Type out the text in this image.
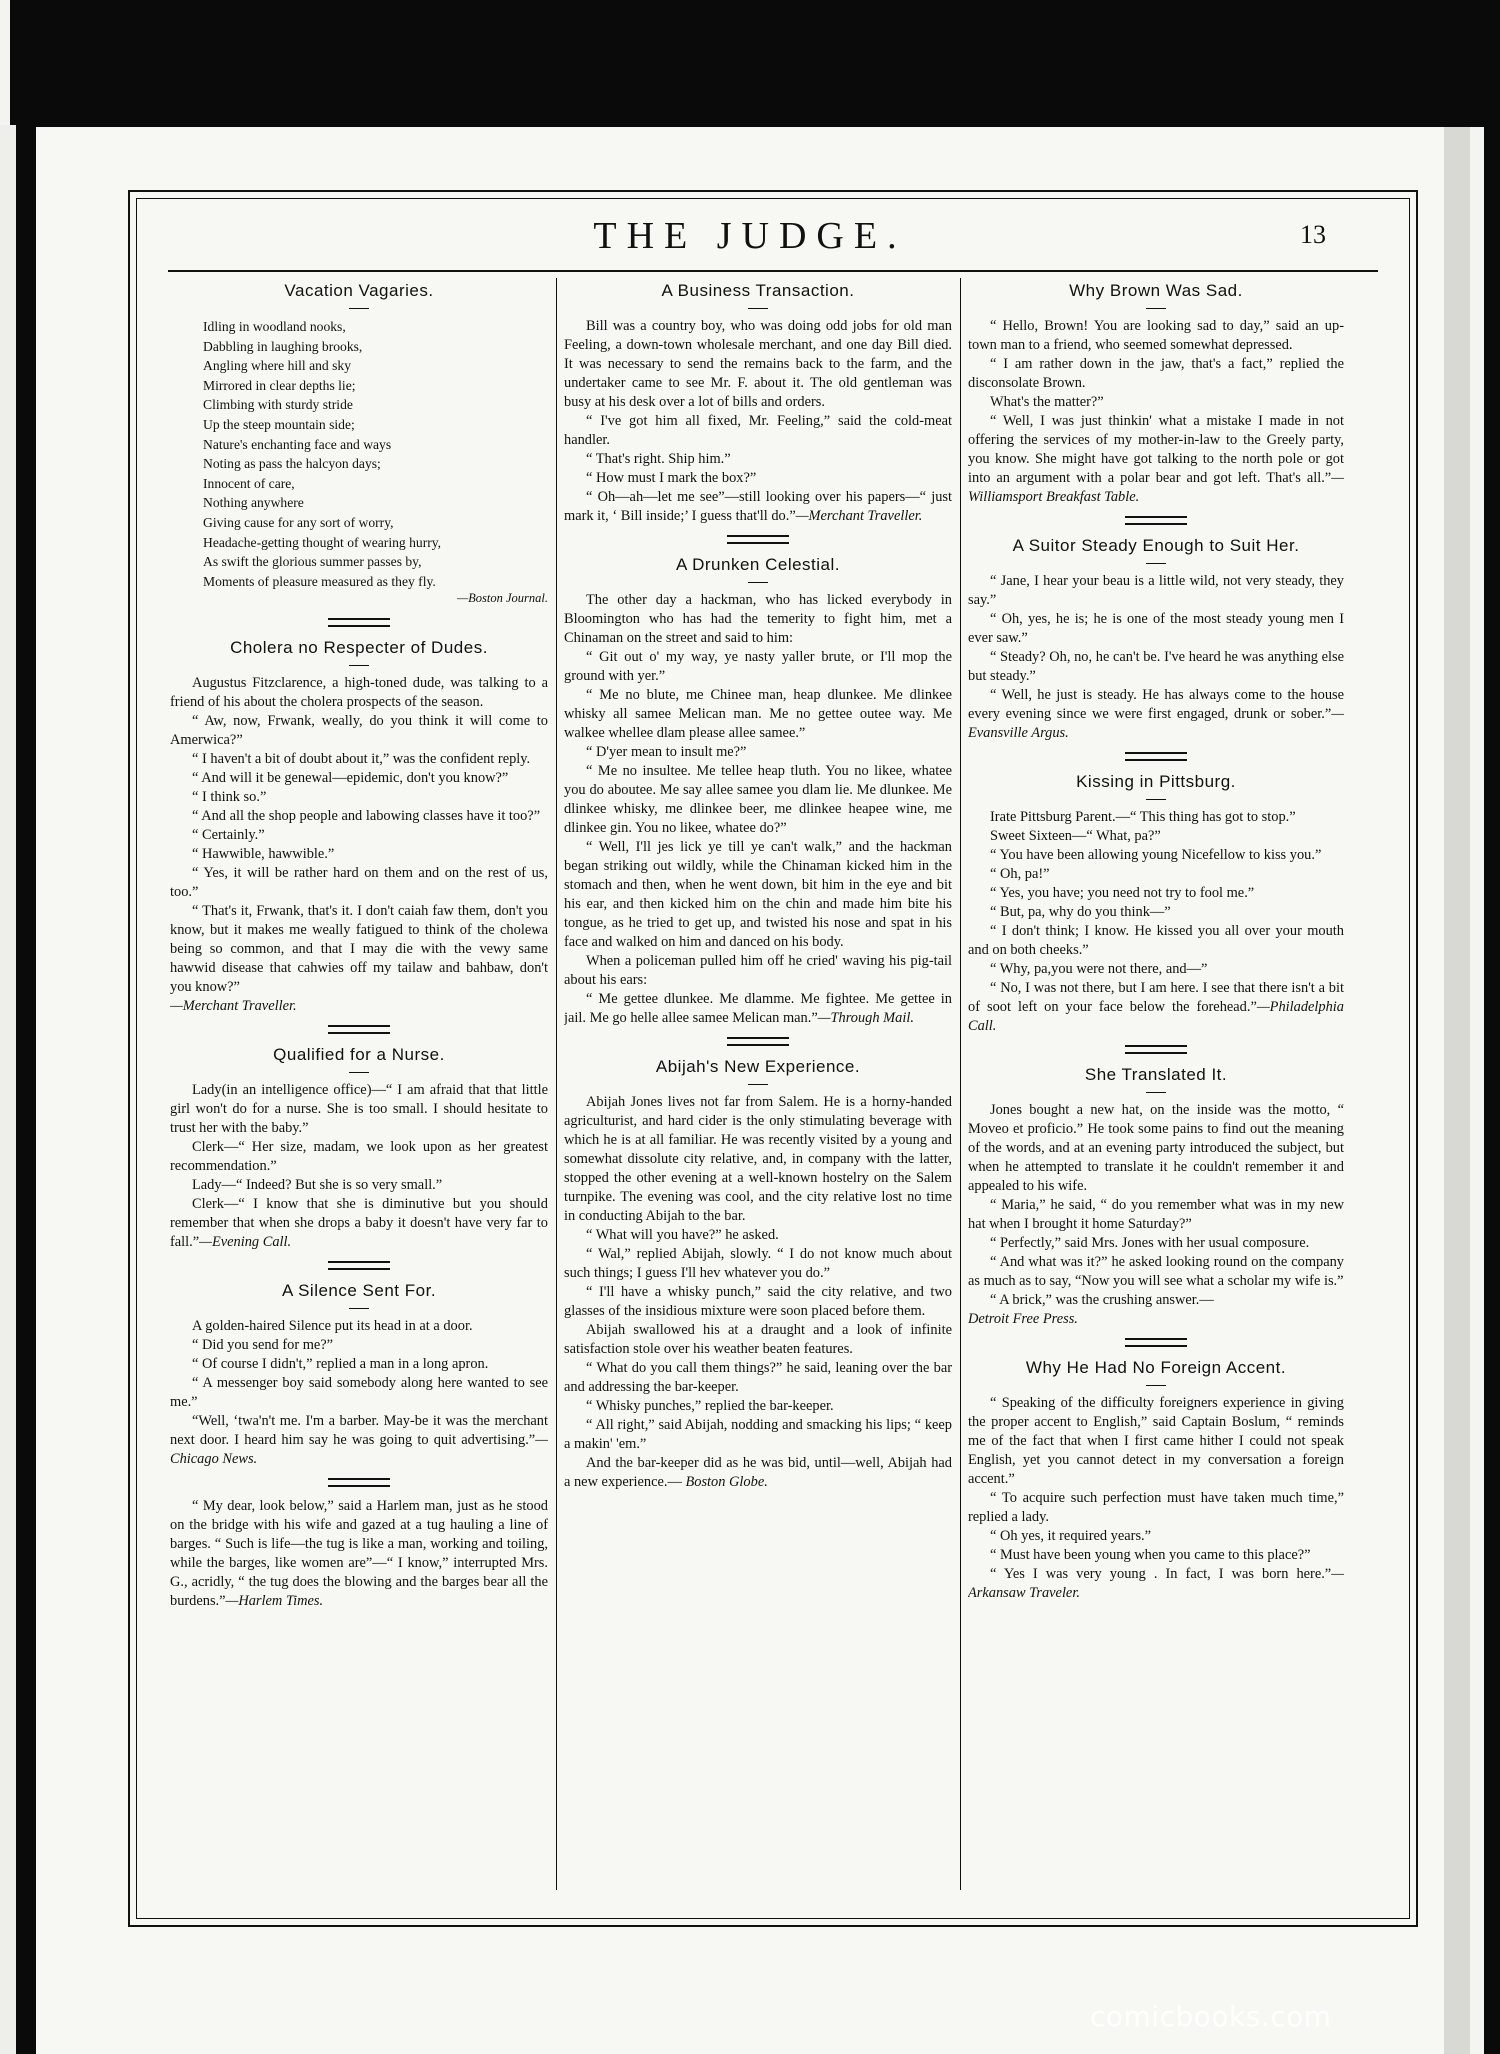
THE JUDGE.	13
Vacation Vagaries.
Idling in woodland nooks,
Dabbling in laughing brooks,
Angling where hill and sky
Mirrored in clear depths lie;
Climbing with sturdy stride
Up the steep mountain side;
Nature's enchanting face and ways
Noting as pass the halcyon days;
Innocent of care,
Nothing anywhere
Giving cause for any sort of worry,
Headache-getting thought of wearing hurry,
As swift the glorious summer passes by,
Moments of pleasure measured as they fly.
—Boston Journal.
Cholera no Respecter of Dudes.

Augustus Fitzclarence, a high-toned dude, was talking to a friend of his about the cholera prospects of the season.

“ Aw, now, Frwank, weally, do you think it will come to Amerwica?”

“ I haven't a bit of doubt about it,” was the confident reply.

“ And will it be genewal—epidemic, don't you know?”

“ I think so.”

“ And all the shop people and labowing classes have it too?”

“ Certainly.”

“ Hawwible, hawwible.”

“ Yes, it will be rather hard on them and on the rest of us, too.”

“ That's it, Frwank, that's it. I don't caiah faw them, don't you know, but it makes me weally fatigued to think of the cholewa being so common, and that I may die with the vewy same hawwid disease that cahwies off my tailaw and bahbaw, don't you know?”

—Merchant Traveller.

Qualified for a Nurse.

Lady(in an intelligence office)—“ I am afraid that that little girl won't do for a nurse. She is too small. I should hesitate to trust her with the baby.”

Clerk—“ Her size, madam, we look upon as her greatest recommendation.”

Lady—“ Indeed? But she is so very small.”

Clerk—“ I know that she is diminutive but you should remember that when she drops a baby it doesn't have very far to fall.”—Evening Call.

A Silence Sent For.

A golden-haired Silence put its head in at a door.

“ Did you send for me?”

“ Of course I didn't,” replied a man in a long apron.

“ A messenger boy said somebody along here wanted to see me.”

“Well, ‘twa'n't me. I'm a barber. May-be it was the merchant next door. I heard him say he was going to quit advertising.”—Chicago News.

“ My dear, look below,” said a Harlem man, just as he stood on the bridge with his wife and gazed at a tug hauling a line of barges. “ Such is life—the tug is like a man, working and toiling, while the barges, like women are”—“ I know,” interrupted Mrs. G., acridly, “ the tug does the blowing and the barges bear all the burdens.”—Harlem Times.

A Business Transaction.

Bill was a country boy, who was doing odd jobs for old man Feeling, a down-town wholesale merchant, and one day Bill died. It was necessary to send the remains back to the farm, and the undertaker came to see Mr. F. about it. The old gentleman was busy at his desk over a lot of bills and orders.

“ I've got him all fixed, Mr. Feeling,” said the cold-meat handler.

“ That's right. Ship him.”

“ How must I mark the box?”

“ Oh—ah—let me see”—still looking over his papers—“ just mark it, ‘ Bill inside;’ I guess that'll do.”—Merchant Traveller.

A Drunken Celestial.

The other day a hackman, who has licked everybody in Bloomington who has had the temerity to fight him, met a Chinaman on the street and said to him:

“ Git out o' my way, ye nasty yaller brute, or I'll mop the ground with yer.”

“ Me no blute, me Chinee man, heap dlunkee. Me dlinkee whisky all samee Melican man. Me no gettee outee way. Me walkee whellee dlam please allee samee.”

“ D'yer mean to insult me?”

“ Me no insultee. Me tellee heap tluth. You no likee, whatee you do aboutee. Me say allee samee you dlam lie. Me dlunkee. Me dlinkee whisky, me dlinkee beer, me dlinkee heapee wine, me dlinkee gin. You no likee, whatee do?”

“ Well, I'll jes lick ye till ye can't walk,” and the hackman began striking out wildly, while the Chinaman kicked him in the stomach and then, when he went down, bit him in the eye and bit his ear, and then kicked him on the chin and made him bite his tongue, as he tried to get up, and twisted his nose and spat in his face and walked on him and danced on his body.

When a policeman pulled him off he cried' waving his pig-tail about his ears:

“ Me gettee dlunkee. Me dlamme. Me fightee. Me gettee in jail. Me go helle allee samee Melican man.”—Through Mail.

Abijah's New Experience.

Abijah Jones lives not far from Salem. He is a horny-handed agriculturist, and hard cider is the only stimulating beverage with which he is at all familiar. He was recently visited by a young and somewhat dissolute city relative, and, in company with the latter, stopped the other evening at a well-known hostelry on the Salem turnpike. The evening was cool, and the city relative lost no time in conducting Abijah to the bar.

“ What will you have?” he asked.

“ Wal,” replied Abijah, slowly. “ I do not know much about such things; I guess I'll hev whatever you do.”

“ I'll have a whisky punch,” said the city relative, and two glasses of the insidious mixture were soon placed before them.

Abijah swallowed his at a draught and a look of infinite satisfaction stole over his weather beaten features.

“ What do you call them things?” he said, leaning over the bar and addressing the bar-keeper.

“ Whisky punches,” replied the bar-keeper.

“ All right,” said Abijah, nodding and smacking his lips; “ keep a makin' 'em.”

And the bar-keeper did as he was bid, until—well, Abijah had a new experience.— Boston Globe.

Why Brown Was Sad.

“ Hello, Brown! You are looking sad to day,” said an up-town man to a friend, who seemed somewhat depressed.

“ I am rather down in the jaw, that's a fact,” replied the disconsolate Brown.

What's the matter?”

“ Well, I was just thinkin' what a mistake I made in not offering the services of my mother-in-law to the Greely party, you know. She might have got talking to the north pole or got into an argument with a polar bear and got left. That's all.”—Williamsport Breakfast Table.

A Suitor Steady Enough to Suit Her.

“ Jane, I hear your beau is a little wild, not very steady, they say.”

“ Oh, yes, he is; he is one of the most steady young men I ever saw.”

“ Steady? Oh, no, he can't be. I've heard he was anything else but steady.”

“ Well, he just is steady. He has always come to the house every evening since we were first engaged, drunk or sober.”—Evansville Argus.

Kissing in Pittsburg.

Irate Pittsburg Parent.—“ This thing has got to stop.”

Sweet Sixteen—“ What, pa?”

“ You have been allowing young Nicefellow to kiss you.”

“ Oh, pa!”

“ Yes, you have; you need not try to fool me.”

“ But, pa, why do you think—”

“ I don't think; I know. He kissed you all over your mouth and on both cheeks.”

“ Why, pa,you were not there, and—”

“ No, I was not there, but I am here. I see that there isn't a bit of soot left on your face below the forehead.”—Philadelphia Call.

She Translated It.

Jones bought a new hat, on the inside was the motto, “ Moveo et proficio.” He took some pains to find out the meaning of the words, and at an evening party introduced the subject, but when he attempted to translate it he couldn't remember it and appealed to his wife.

“ Maria,” he said, “ do you remember what was in my new hat when I brought it home Saturday?”

“ Perfectly,” said Mrs. Jones with her usual composure.

“ And what was it?” he asked looking round on the company as much as to say, “Now you will see what a scholar my wife is.”

“ A brick,” was the crushing answer.—

Detroit Free Press.

Why He Had No Foreign Accent.

“ Speaking of the difficulty foreigners experience in giving the proper accent to English,” said Captain Boslum, “ reminds me of the fact that when I first came hither I could not speak English, yet you cannot detect in my conversation a foreign accent.”

“ To acquire such perfection must have taken much time,” replied a lady.

“ Oh yes, it required years.”

“ Must have been young when you came to this place?”

“ Yes I was very young . In fact, I was born here.”—Arkansaw Traveler.

comicbooks.com
